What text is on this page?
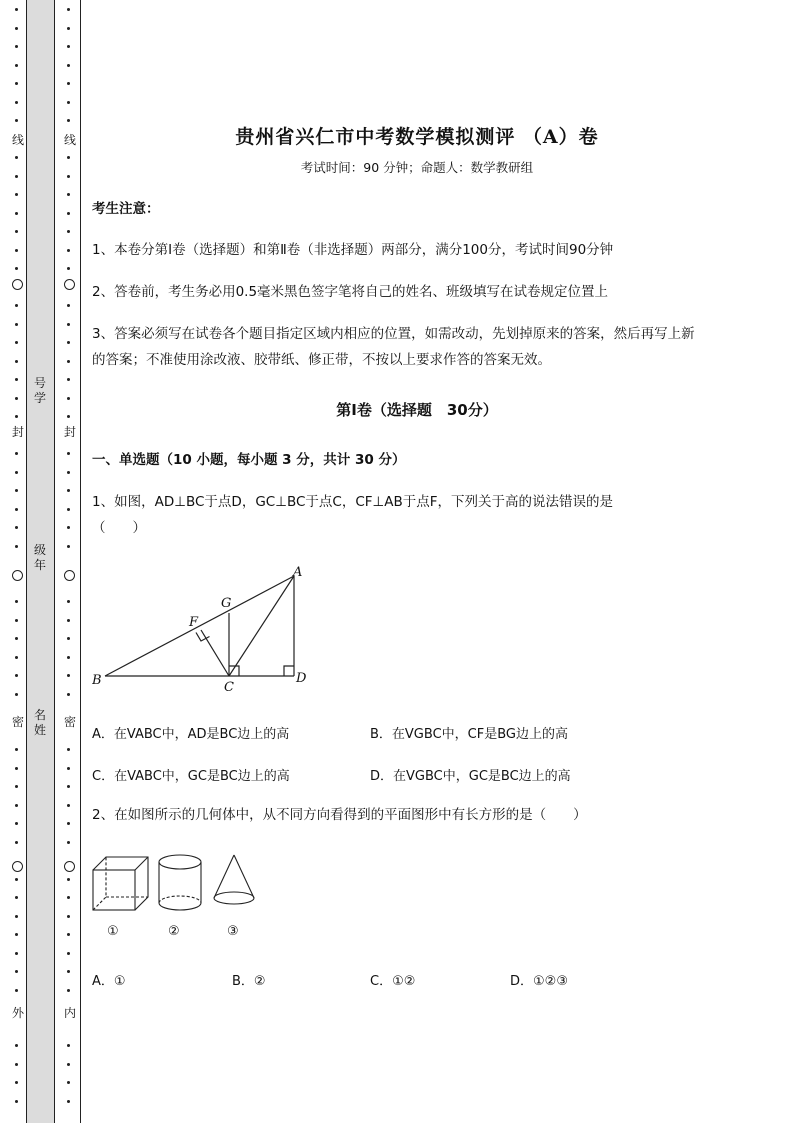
线
封
密
外
线
封
密
内
号
学
级
年
名
姓
贵州省兴仁市中考数学模拟测评 （A）卷
考试时间：90 分钟；命题人：数学教研组
考生注意：
1、本卷分第Ⅰ卷（选择题）和第Ⅱ卷（非选择题）两部分，满分100分，考试时间90分钟
2、答卷前，考生务必用0.5毫米黑色签字笔将自己的姓名、班级填写在试卷规定位置上
3、答案必须写在试卷各个题目指定区域内相应的位置，如需改动，先划掉原来的答案，然后再写上新
的答案；不准使用涂改液、胶带纸、修正带，不按以上要求作答的答案无效。
第Ⅰ卷（选择题　30分）
一、单选题（10 小题，每小题 3 分，共计 30 分）
1、如图，AD⊥BC于点D，GC⊥BC于点C，CF⊥AB于点F，下列关于高的说法错误的是
（　　）
A
B	C
D
F
G
A．在VABC中，AD是BC边上的高	B．在VGBC中，CF是BG边上的高
C．在VABC中，GC是BC边上的高	D．在VGBC中，GC是BC边上的高
2、在如图所示的几何体中，从不同方向看得到的平面图形中有长方形的是（　　）
①	②	③
A．①	B．②	C．①②	D．①②③
